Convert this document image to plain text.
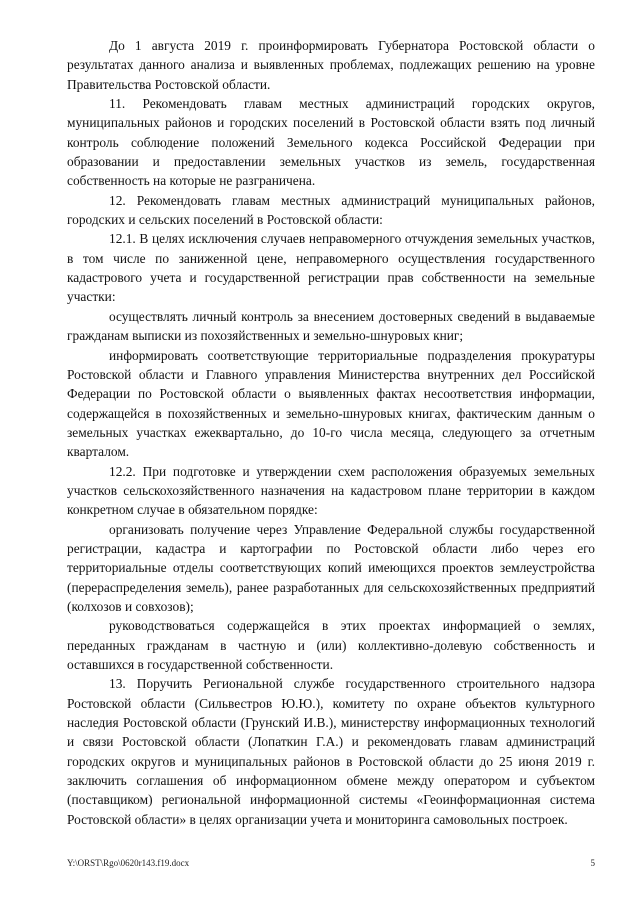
До 1 августа 2019 г. проинформировать Губернатора Ростовской области о результатах данного анализа и выявленных проблемах, подлежащих решению на уровне Правительства Ростовской области.

11. Рекомендовать главам местных администраций городских округов, муниципальных районов и городских поселений в Ростовской области взять под личный контроль соблюдение положений Земельного кодекса Российской Федерации при образовании и предоставлении земельных участков из земель, государственная собственность на которые не разграничена.

12. Рекомендовать главам местных администраций муниципальных районов, городских и сельских поселений в Ростовской области:

12.1. В целях исключения случаев неправомерного отчуждения земельных участков, в том числе по заниженной цене, неправомерного осуществления государственного кадастрового учета и государственной регистрации прав собственности на земельные участки:

осуществлять личный контроль за внесением достоверных сведений в выдаваемые гражданам выписки из похозяйственных и земельно-шнуровых книг;

информировать соответствующие территориальные подразделения прокуратуры Ростовской области и Главного управления Министерства внутренних дел Российской Федерации по Ростовской области о выявленных фактах несоответствия информации, содержащейся в похозяйственных и земельно-шнуровых книгах, фактическим данным о земельных участках ежеквартально, до 10-го числа месяца, следующего за отчетным кварталом.

12.2. При подготовке и утверждении схем расположения образуемых земельных участков сельскохозяйственного назначения на кадастровом плане территории в каждом конкретном случае в обязательном порядке:

организовать получение через Управление Федеральной службы государственной регистрации, кадастра и картографии по Ростовской области либо через его территориальные отделы соответствующих копий имеющихся проектов землеустройства (перераспределения земель), ранее разработанных для сельскохозяйственных предприятий (колхозов и совхозов);

руководствоваться содержащейся в этих проектах информацией о землях, переданных гражданам в частную и (или) коллективно-долевую собственность и оставшихся в государственной собственности.

13. Поручить Региональной службе государственного строительного надзора Ростовской области (Сильвестров Ю.Ю.), комитету по охране объектов культурного наследия Ростовской области (Грунский И.В.), министерству информационных технологий и связи Ростовской области (Лопаткин Г.А.) и рекомендовать главам администраций городских округов и муниципальных районов в Ростовской области до 25 июня 2019 г. заключить соглашения об информационном обмене между оператором и субъектом (поставщиком) региональной информационной системы «Геоинформационная система Ростовской области» в целях организации учета и мониторинга самовольных построек.

Y:\ORST\Rgo\0620r143.f19.docx	5
